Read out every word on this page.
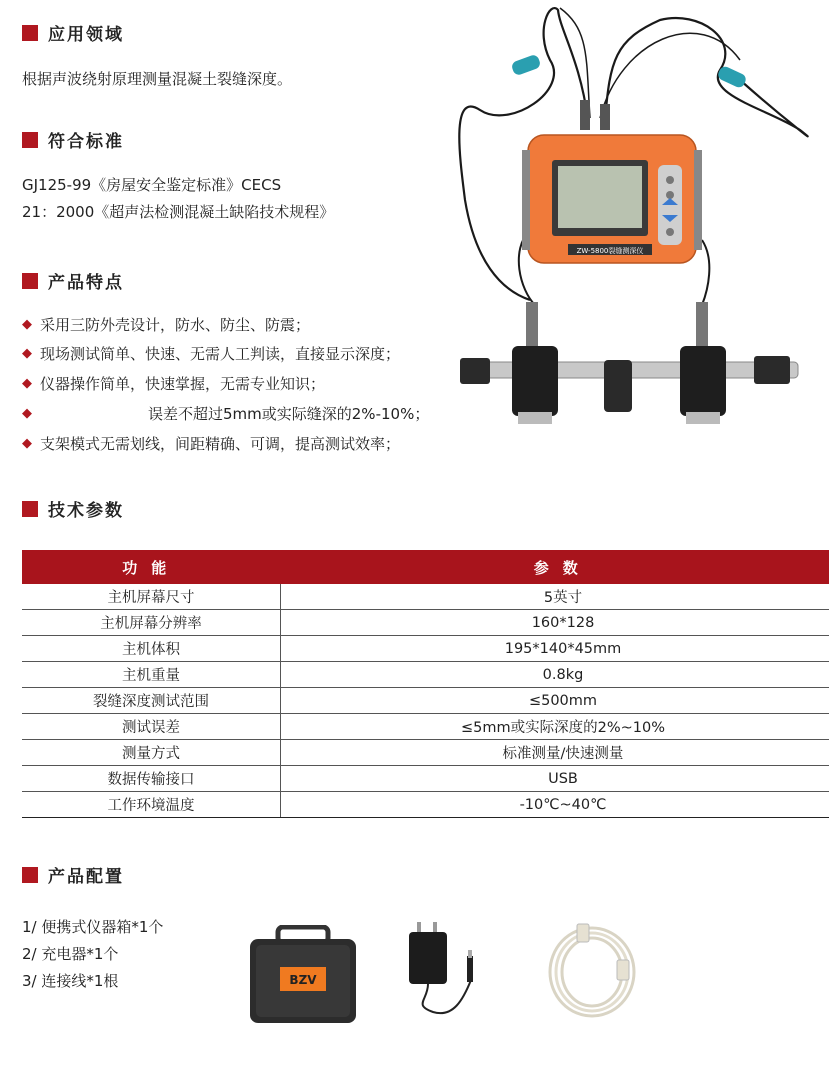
应用领域
根据声波绕射原理测量混凝土裂缝深度。
符合标准
GJ125-99《房屋安全鉴定标准》CECS
21：2000《超声法检测混凝土缺陷技术规程》
产品特点
◆ 采用三防外壳设计，防水、防尘、防震；
◆ 现场测试简单、快速、无需人工判读，直接显示深度；
◆ 仪器操作简单，快速掌握，无需专业知识；
◆	误差不超过5mm或实际缝深的2%-10%；
◆ 支架模式无需划线，间距精确、可调，提高测试效率；
ZW-5800裂缝测深仪
技术参数
功能	参数
主机屏幕尺寸	5英寸
主机屏幕分辨率	160*128
主机体积	195*140*45mm
主机重量	0.8kg
裂缝深度测试范围	≤500mm
测试误差	≤5mm或实际深度的2%~10%
测量方式	标准测量/快速测量
数据传输接口	USB
工作环境温度	-10℃~40℃
产品配置
1/ 便携式仪器箱*1个
2/ 充电器*1个
3/ 连接线*1根	BZV
